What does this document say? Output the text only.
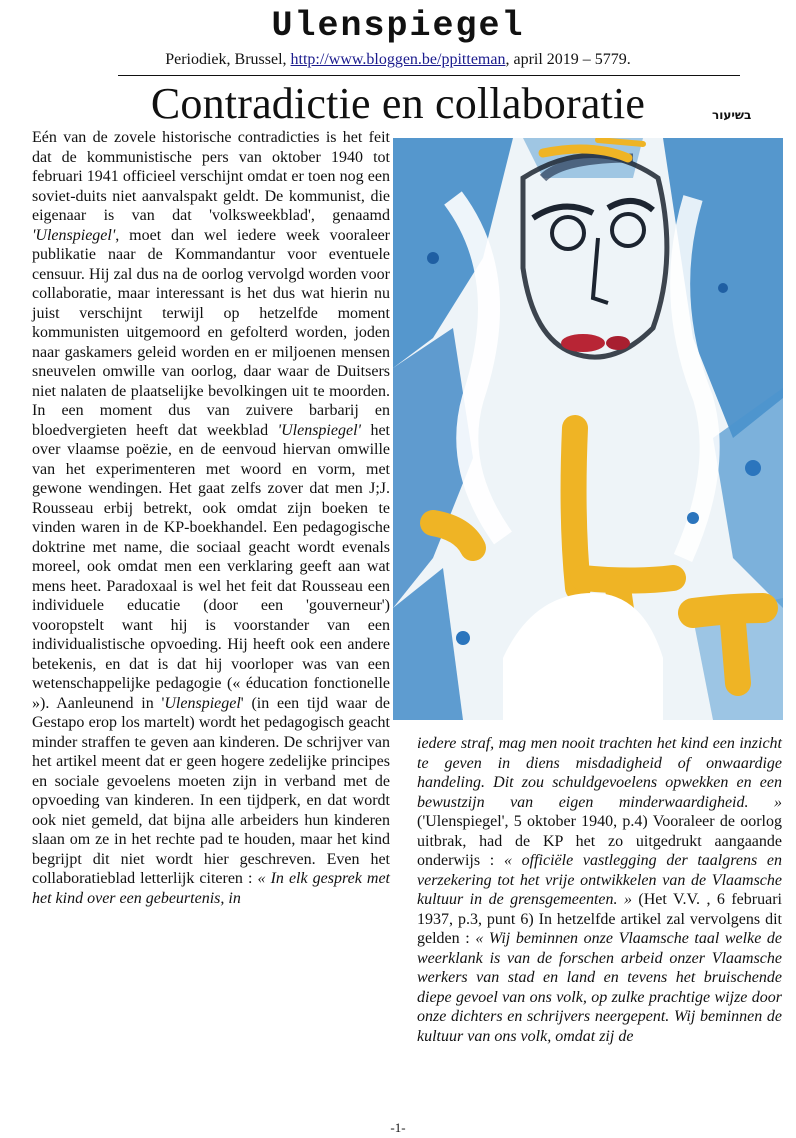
Ulenspiegel
Periodiek, Brussel, http://www.bloggen.be/ppitteman, april 2019 – 5779.
Contradictie en collaboratie	בשיעור

Eén van de zovele historische contradicties is het feit dat de kommunistische pers van oktober 1940 tot februari 1941 officieel verschijnt omdat er toen nog een soviet-duits niet aanvalspakt geldt. De kommunist, die eigenaar is van dat 'volksweekblad', genaamd 'Ulenspiegel', moet dan wel iedere week vooraleer publikatie naar de Kommandantur voor eventuele censuur. Hij zal dus na de oorlog vervolgd worden voor collaboratie, maar interessant is het dus wat hierin nu juist verschijnt terwijl op hetzelfde moment kommunisten uitgemoord en gefolterd worden, joden naar gaskamers geleid worden en er miljoenen mensen sneuvelen omwille van oorlog, daar waar de Duitsers niet nalaten de plaatselijke bevolkingen uit te moorden. In een moment dus van zuivere barbarij en bloedvergieten heeft dat weekblad 'Ulenspiegel' het over vlaamse poëzie, en de eenvoud hiervan omwille van het experimenteren met woord en vorm, met gewone wendingen. Het gaat zelfs zover dat men J;J. Rousseau erbij betrekt, ook omdat zijn boeken te vinden waren in de KP-boekhandel. Een pedagogische doktrine met name, die sociaal geacht wordt evenals moreel, ook omdat men een verklaring geeft aan wat mens heet. Paradoxaal is wel het feit dat Rousseau een individuele educatie (door een 'gouverneur') vooropstelt want hij is voorstander van een individualistische opvoeding. Hij heeft ook een andere betekenis, en dat is dat hij voorloper was van een wetenschappelijke pedagogie (« éducation fonctionelle »). Aanleunend in 'Ulenspiegel' (in een tijd waar de Gestapo erop los martelt) wordt het pedagogisch geacht minder straffen te geven aan kinderen. De schrijver van het artikel meent dat er geen hogere zedelijke principes en sociale gevoelens moeten zijn in verband met de opvoeding van kinderen. In een tijdperk, en dat wordt ook niet gemeld, dat bijna alle arbeiders hun kinderen slaan om ze in het rechte pad te houden, maar het kind begrijpt dit niet wordt hier geschreven. Even het collaboratieblad letterlijk citeren : « In elk gesprek met het kind over een gebeurtenis, in

iedere straf, mag men nooit trachten het kind een inzicht te geven in diens misdadigheid of onwaardige handeling. Dit zou schuldgevoelens opwekken en een bewustzijn van eigen minderwaardigheid. » ('Ulenspiegel', 5 oktober 1940, p.4) Vooraleer de oorlog uitbrak, had de KP het zo uitgedrukt aangaande onderwijs : « officiële vastlegging der taalgrens en verzekering tot het vrije ontwikkelen van de Vlaamsche kultuur in de grensgemeenten. » (Het V.V. , 6 februari 1937, p.3, punt 6) In hetzelfde artikel zal vervolgens dit gelden : « Wij beminnen onze Vlaamsche taal welke de weerklank is van de forschen arbeid onzer Vlaamsche werkers van stad en land en tevens het bruischende diepe gevoel van ons volk, op zulke prachtige wijze door onze dichters en schrijvers neergepent. Wij beminnen de kultuur van ons volk, omdat zij de

-1-
